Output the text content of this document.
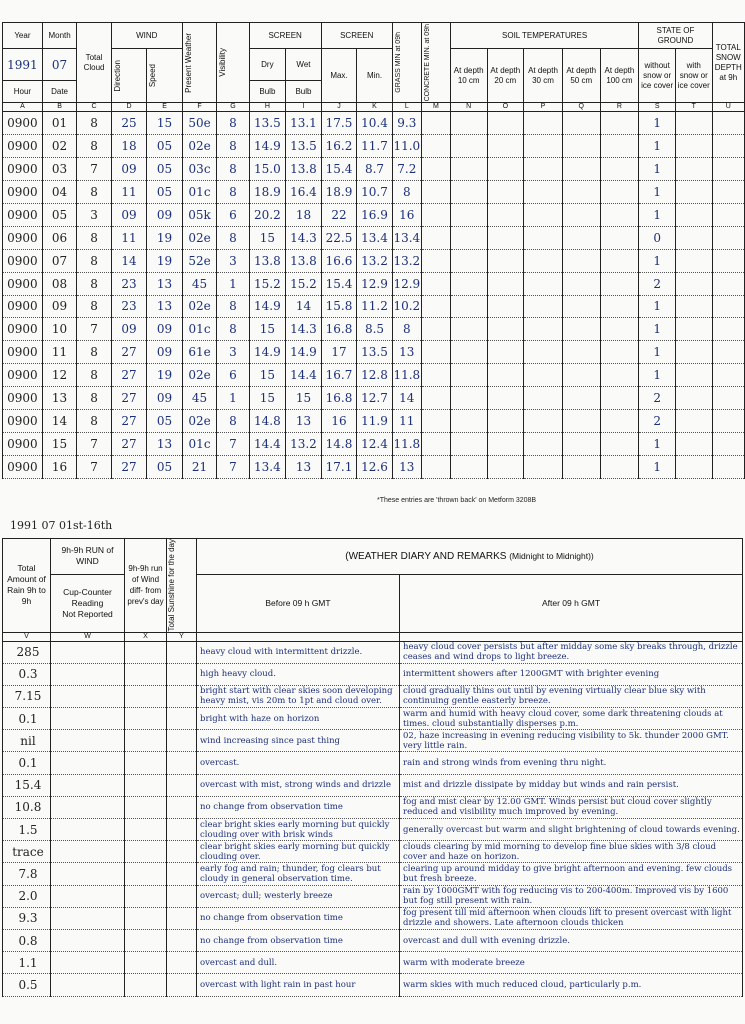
Year	Month	Total Cloud	WIND		Present Weather	Visibility	SCREEN		SCREEN		GRASS MIN at 09h	CONCRETE MIN. at 09h	SOIL TEMPERATURES					STATE OF GROUND		TOTAL SNOW DEPTH at 9h
1991	07		Direction	Speed			Dry	Wet	Max.	Min.			At depth 10 cm	At depth 20 cm	At depth 30 cm	At depth 50 cm	At depth 100 cm	without snow or ice cover	with snow or ice cover	
Hour	Date						Bulb	Bulb												
A	B	C	D	E	F	G	H	I	J	K	L	M	N	O	P	Q	R	S	T	U
0900	01	8	25	15	50e	8	13.5	13.1	17.5	10.4	9.3							1		
0900	02	8	18	05	02e	8	14.9	13.5	16.2	11.7	11.0							1		
0900	03	7	09	05	03c	8	15.0	13.8	15.4	8.7	7.2							1		
0900	04	8	11	05	01c	8	18.9	16.4	18.9	10.7	8							1		
0900	05	3	09	09	05k	6	20.2	18	22	16.9	16							1		
0900	06	8	11	19	02e	8	15	14.3	22.5	13.4	13.4							0		
0900	07	8	14	19	52e	3	13.8	13.8	16.6	13.2	13.2							1		
0900	08	8	23	13	45	1	15.2	15.2	15.4	12.9	12.9							2		
0900	09	8	23	13	02e	8	14.9	14	15.8	11.2	10.2							1		
0900	10	7	09	09	01c	8	15	14.3	16.8	8.5	8							1		
0900	11	8	27	09	61e	3	14.9	14.9	17	13.5	13							1		
0900	12	8	27	19	02e	6	15	14.4	16.7	12.8	11.8							1		
0900	13	8	27	09	45	1	15	15	16.8	12.7	14							2		
0900	14	8	27	05	02e	8	14.8	13	16	11.9	11							2		
0900	15	7	27	13	01c	7	14.4	13.2	14.8	12.4	11.8							1		
0900	16	7	27	05	21	7	13.4	13	17.1	12.6	13							1		
*These entries are 'thrown back' on Metform 3208B
1991 07 01st-16th
Total Amount of Rain 9h to 9h	9h-9h RUN of WIND	9h-9h run of Wind diff- from prev's day	Total Sunshine for the day	(WEATHER DIARY AND REMARKS (Midnight to Midnight))	
	Cup-Counter Reading
Not Reported			Before 09 h GMT	After 09 h GMT
V	W	X	Y		
285				heavy cloud with intermittent drizzle.	heavy cloud cover persists but after midday some sky breaks through, drizzle ceases and wind drops to light breeze.
0.3				high heavy cloud.	intermittent showers after 1200GMT with brighter evening
7.15				bright start with clear skies soon developing heavy mist, vis 20m to 1pt and cloud over.	cloud gradually thins out until by evening virtually clear blue sky with continuing gentle easterly breeze.
0.1				bright with haze on horizon	warm and humid with heavy cloud cover, some dark threatening clouds at times. cloud substantially disperses p.m.
nil				wind increasing since past thing	02, haze increasing in evening reducing visibility to 5k. thunder 2000 GMT. very little rain.
0.1				overcast.	rain and strong winds from evening thru night.
15.4				overcast with mist, strong winds and drizzle	mist and drizzle dissipate by midday but winds and rain persist.
10.8				no change from observation time	fog and mist clear by 12.00 GMT. Winds persist but cloud cover slightly reduced and visibility much improved by evening.
1.5				clear bright skies early morning but quickly clouding over with brisk winds	generally overcast but warm and slight brightening of cloud towards evening.
trace				clear bright skies early morning but quickly clouding over.	clouds clearing by mid morning to develop fine blue skies with 3/8 cloud cover and haze on horizon.
7.8				early fog and rain; thunder, fog clears but cloudy in general observation time.	clearing up around midday to give bright afternoon and evening. few clouds but fresh breeze.
2.0				overcast; dull; westerly breeze	rain by 1000GMT with fog reducing vis to 200-400m. Improved vis by 1600 but fog still present with rain.
9.3				no change from observation time	fog present till mid afternoon when clouds lift to present overcast with light drizzle and showers. Late afternoon clouds thicken
0.8				no change from observation time	overcast and dull with evening drizzle.
1.1				overcast and dull.	warm with moderate breeze
0.5				overcast with light rain in past hour	warm skies with much reduced cloud, particularly p.m.
